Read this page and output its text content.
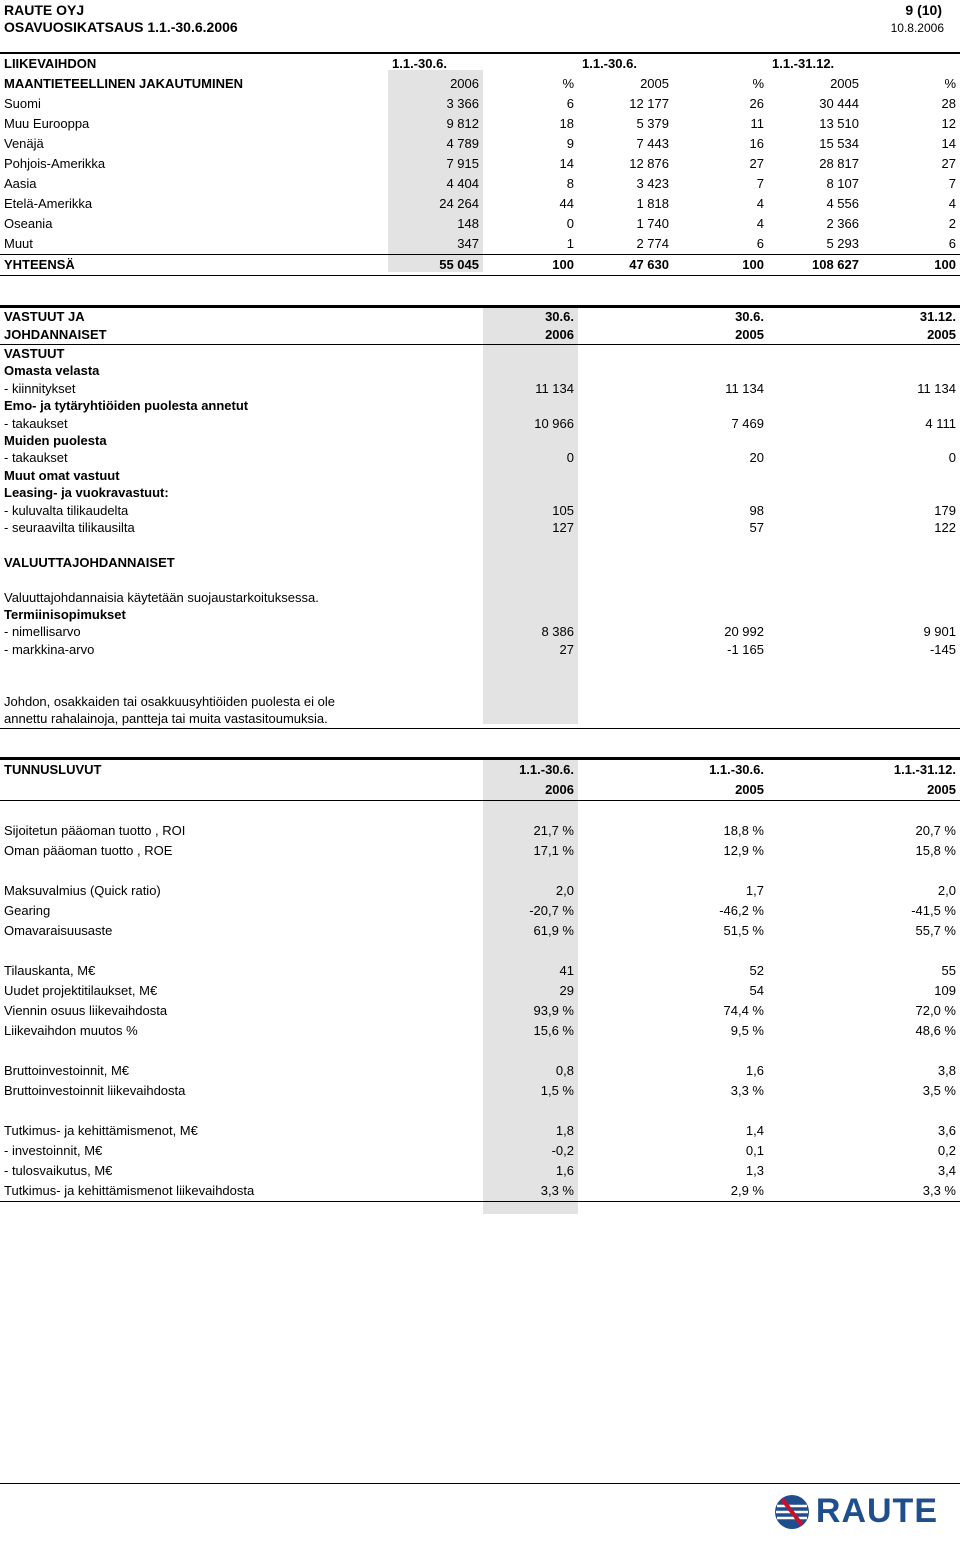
RAUTE OYJ
OSAVUOSIKATSAUS 1.1.-30.6.2006
9 (10)
10.8.2006
LIIKEVAIHDON	1.1.-30.6.		1.1.-30.6.		1.1.-31.12.	
MAANTIETEELLINEN JAKAUTUMINEN	2006	%	2005	%	2005	%
Suomi	3 366	6	12 177	26	30 444	28
Muu Eurooppa	9 812	18	5 379	11	13 510	12
Venäjä	4 789	9	7 443	16	15 534	14
Pohjois-Amerikka	7 915	14	12 876	27	28 817	27
Aasia	4 404	8	3 423	7	8 107	7
Etelä-Amerikka	24 264	44	1 818	4	4 556	4
Oseania	148	0	1 740	4	2 366	2
Muut	347	1	2 774	6	5 293	6
YHTEENSÄ	55 045	100	47 630	100	108 627	100
VASTUUT JA	30.6.	30.6.	31.12.
JOHDANNAISET	2006	2005	2005
VASTUUT			
Omasta velasta			
- kiinnitykset	11 134	11 134	11 134
Emo- ja tytäryhtiöiden puolesta annetut			
- takaukset	10 966	7 469	4 111
Muiden puolesta			
- takaukset	0	20	0
Muut omat vastuut			
Leasing- ja vuokravastuut:			
- kuluvalta tilikaudelta	105	98	179
- seuraavilta tilikausilta	127	57	122

VALUUTTAJOHDANNAISET			

Valuuttajohdannaisia käytetään suojaustarkoituksessa.			
Termiinisopimukset			
- nimellisarvo	8 386	20 992	9 901
- markkina-arvo	27	-1 165	-145

Johdon, osakkaiden tai osakkuusyhtiöiden puolesta ei ole			
annettu rahalainoja, pantteja tai muita vastasitoumuksia.			
TUNNUSLUVUT	1.1.-30.6.	1.1.-30.6.	1.1.-31.12.
	2006	2005	2005

Sijoitetun pääoman tuotto , ROI	21,7 %	18,8 %	20,7 %
Oman pääoman tuotto , ROE	17,1 %	12,9 %	15,8 %

Maksuvalmius (Quick ratio)	2,0	1,7	2,0
Gearing	-20,7 %	-46,2 %	-41,5 %
Omavaraisuusaste	61,9 %	51,5 %	55,7 %

Tilauskanta, M€	41	52	55
Uudet projektitilaukset, M€	29	54	109
Viennin osuus liikevaihdosta	93,9 %	74,4 %	72,0 %
Liikevaihdon muutos %	15,6 %	9,5 %	48,6 %

Bruttoinvestoinnit, M€	0,8	1,6	3,8
Bruttoinvestoinnit liikevaihdosta	1,5 %	3,3 %	3,5 %

Tutkimus- ja kehittämismenot, M€	1,8	1,4	3,6
- investoinnit, M€	-0,2	0,1	0,2
- tulosvaikutus, M€	1,6	1,3	3,4
Tutkimus- ja kehittämismenot liikevaihdosta	3,3 %	2,9 %	3,3 %
RAUTE
